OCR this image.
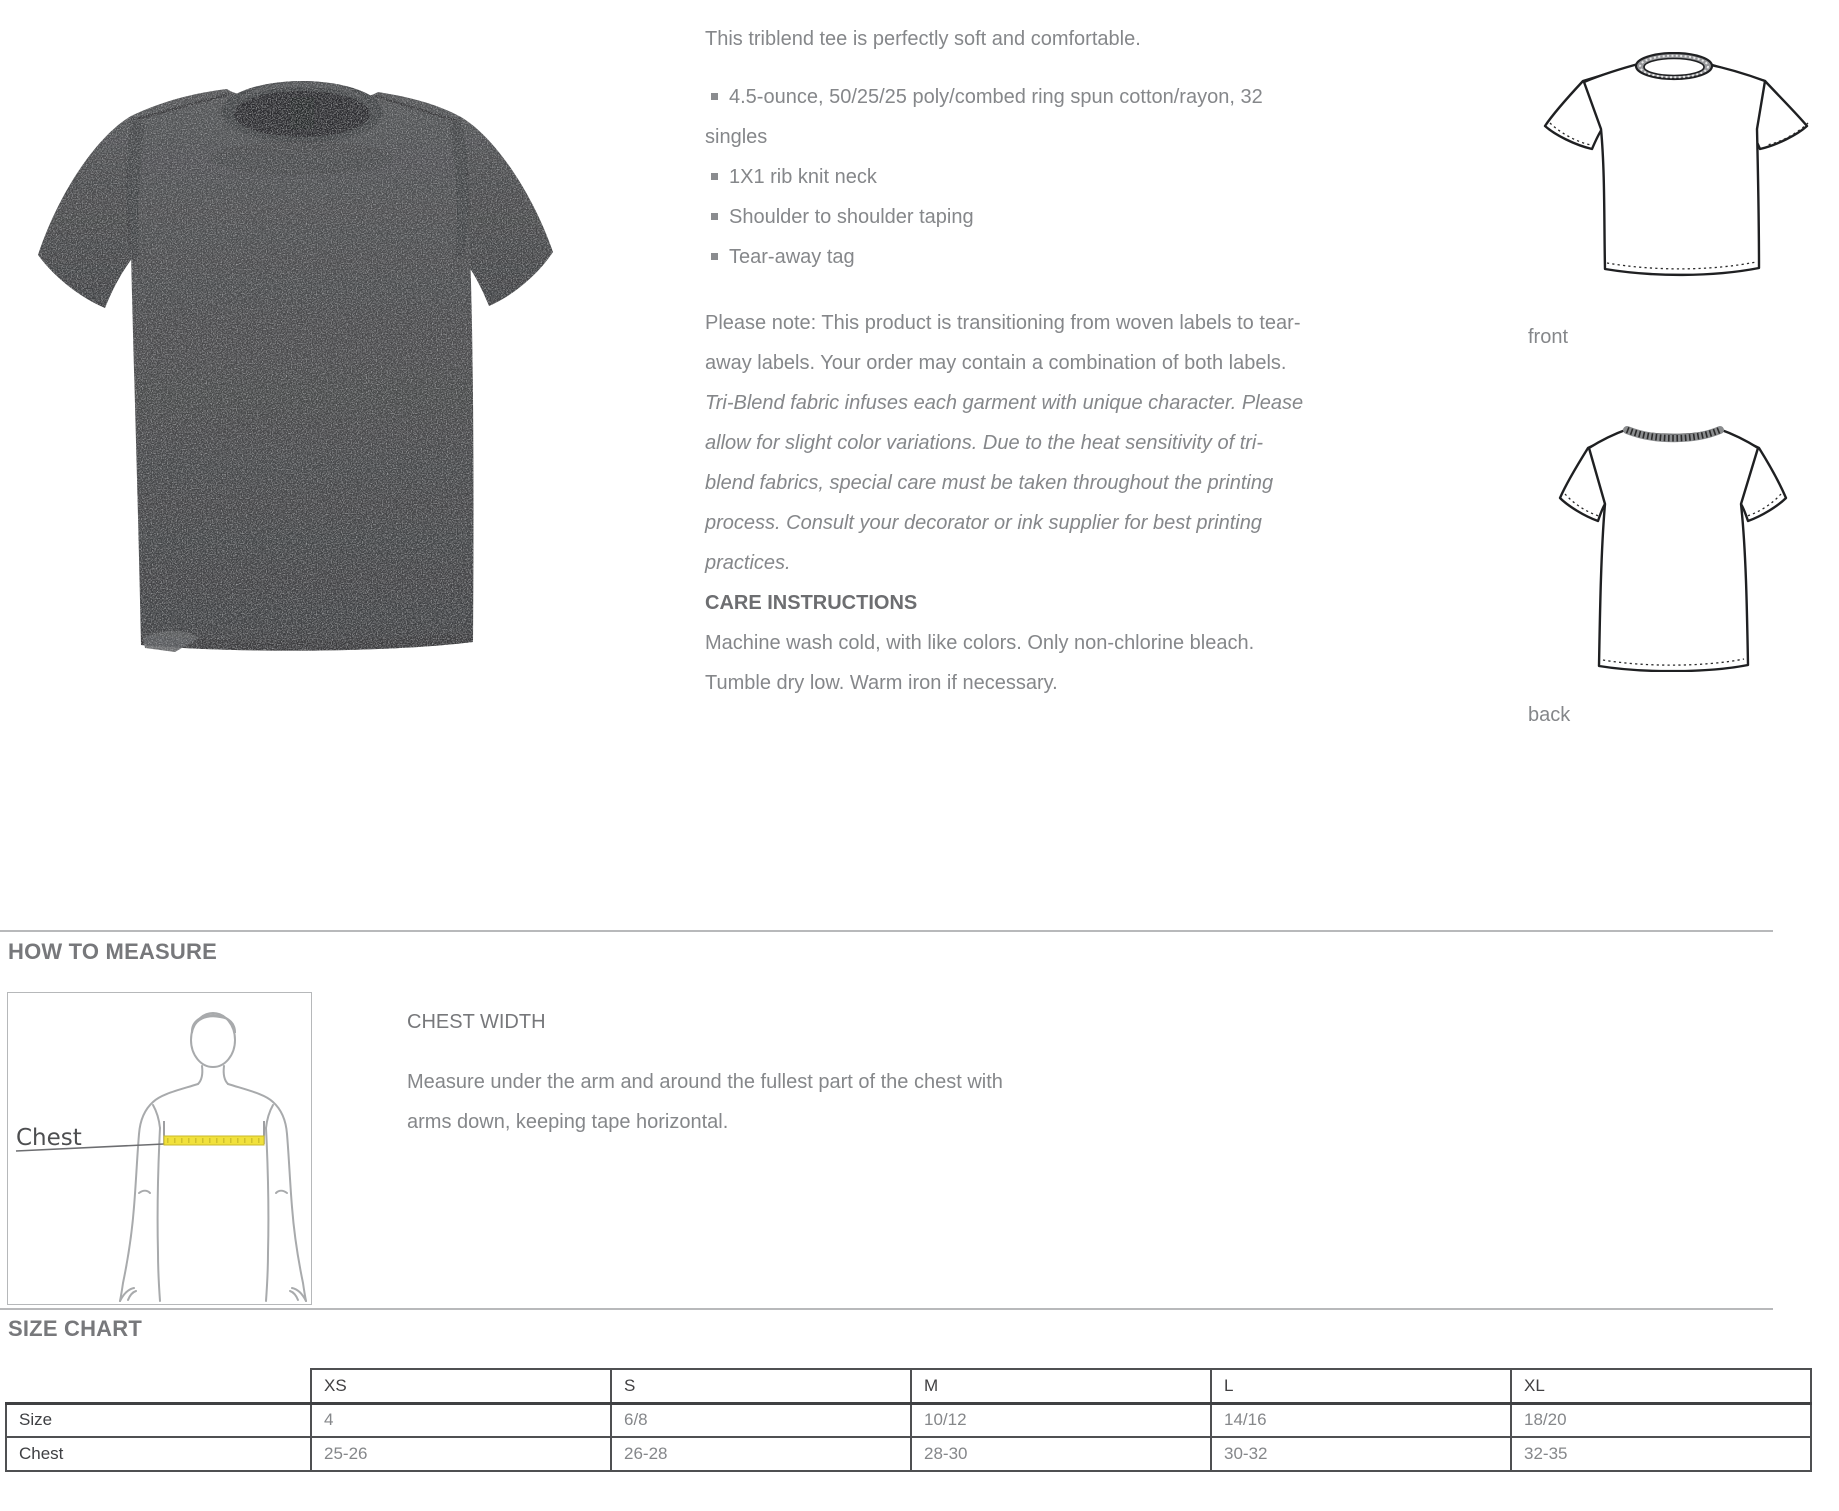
This triblend tee is perfectly soft and comfortable.

4.5-ounce, 50/25/25 poly/combed ring spun cotton/rayon, 32 singles
1X1 rib knit neck
Shoulder to shoulder taping
Tear-away tag

Please note: This product is transitioning from woven labels to tear-away labels. Your order may contain a combination of both labels.

Tri-Blend fabric infuses each garment with unique character. Please allow for slight color variations. Due to the heat sensitivity of tri-blend fabrics, special care must be taken throughout the printing process. Consult your decorator or ink supplier for best printing practices.

CARE INSTRUCTIONS

Machine wash cold, with like colors. Only non-chlorine bleach. Tumble dry low. Warm iron if necessary.

front
back
HOW TO MEASURE
Chest
CHEST WIDTH
Measure under the arm and around the fullest part of the chest with arms down, keeping tape horizontal.
SIZE CHART
	XS	S	M	L	XL
Size	4	6/8	10/12	14/16	18/20
Chest	25-26	26-28	28-30	30-32	32-35
